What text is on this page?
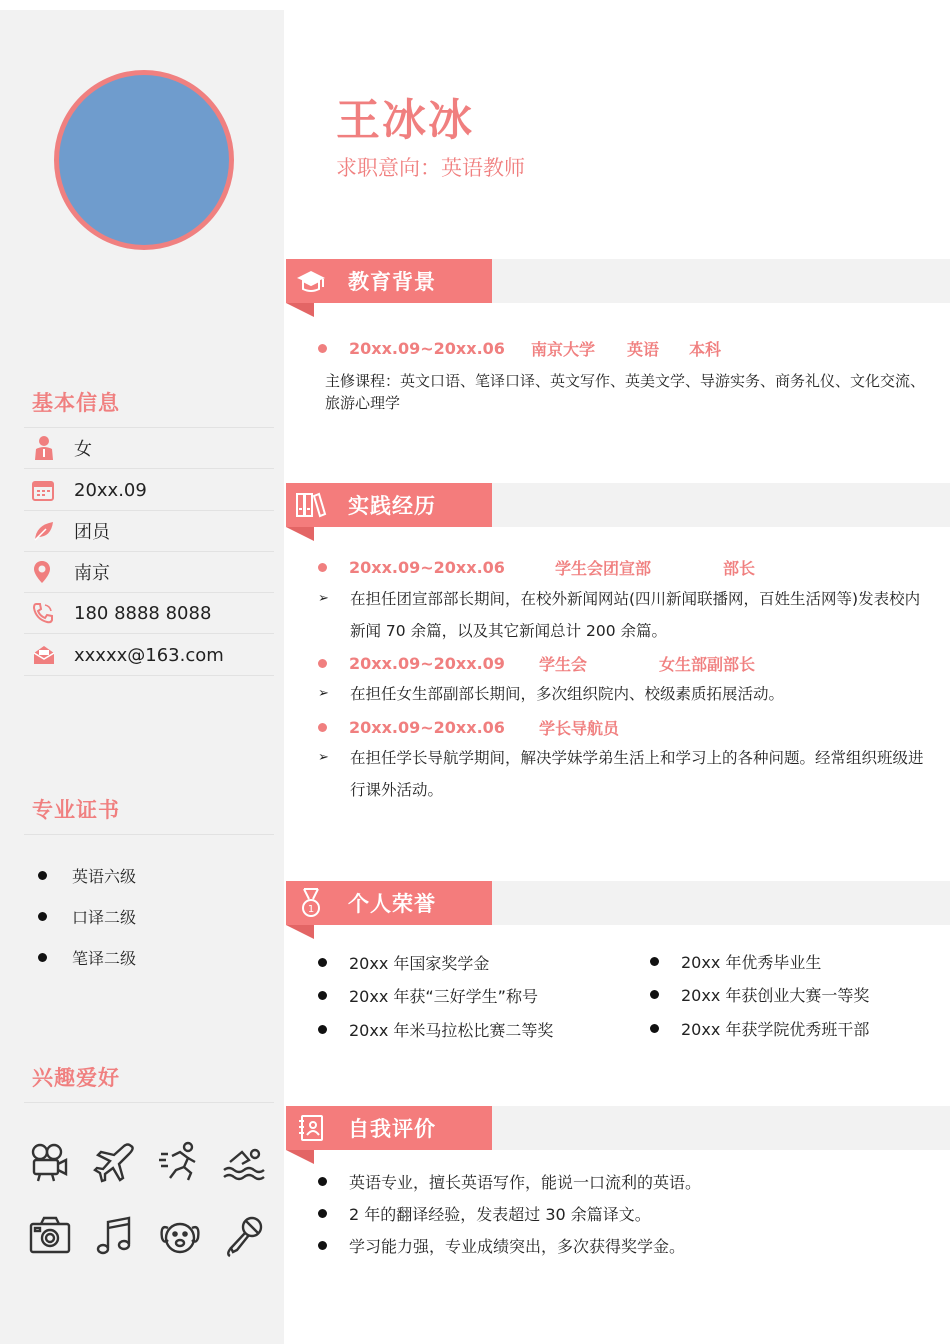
基本信息
女
20xx.09
团员
南京
180 8888 8088
xxxxx@163.com
专业证书
英语六级
口译二级
笔译二级
兴趣爱好
王冰冰
求职意向：英语教师
教育背景
20xx.09~20xx.06	南京大学	英语	本科
主修课程：英文口语、笔译口译、英文写作、英美文学、导游实务、商务礼仪、文化交流、旅游心理学
实践经历
20xx.09~20xx.06	学生会团宣部	部长
➢	在担任团宣部部长期间，在校外新闻网站(四川新闻联播网，百姓生活网等)发表校内新闻 70 余篇，以及其它新闻总计 200 余篇。
20xx.09~20xx.09	学生会	女生部副部长
➢	在担任女生部副部长期间，多次组织院内、校级素质拓展活动。
20xx.09~20xx.06	学长导航员
➢	在担任学长导航学期间，解决学妹学弟生活上和学习上的各种问题。经常组织班级进行课外活动。
1 个人荣誉
20xx 年国家奖学金
20xx 年获“三好学生”称号
20xx 年米马拉松比赛二等奖
20xx 年优秀毕业生
20xx 年获创业大赛一等奖
20xx 年获学院优秀班干部
自我评价
英语专业，擅长英语写作，能说一口流利的英语。
2 年的翻译经验，发表超过 30 余篇译文。
学习能力强，专业成绩突出，多次获得奖学金。
